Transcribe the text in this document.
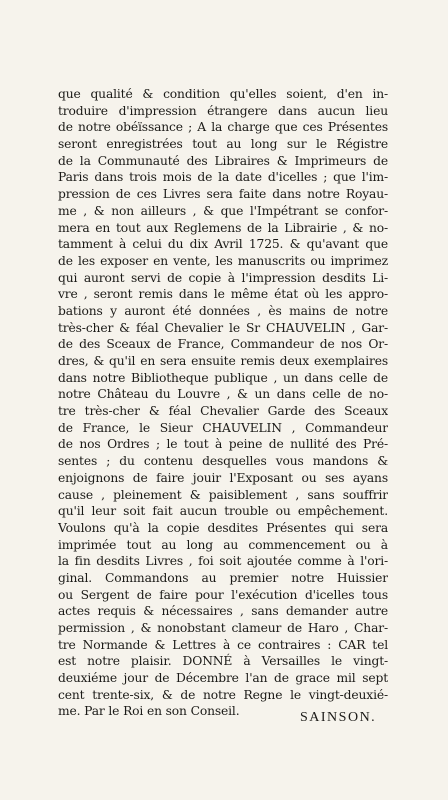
que qualité & condition qu'elles soient, d'en in-
troduire d'impression étrangere dans aucun lieu
de notre obéïssance ; A la charge que ces Présentes
seront enregistrées tout au long sur le Régistre
de la Communauté des Libraires & Imprimeurs de
Paris dans trois mois de la date d'icelles ; que l'im-
pression de ces Livres sera faite dans notre Royau-
me , & non ailleurs , & que l'Impétrant se confor-
mera en tout aux Reglemens de la Librairie , & no-
tamment à celui du dix Avril 1725. & qu'avant que
de les exposer en vente, les manuscrits ou imprimez
qui auront servi de copie à l'impression desdits Li-
vre , seront remis dans le même état où les appro-
bations y auront été données , ès mains de notre
très-cher & féal Chevalier le Sr CHAUVELIN , Gar-
de des Sceaux de France, Commandeur de nos Or-
dres, & qu'il en sera ensuite remis deux exemplaires
dans notre Bibliotheque publique , un dans celle de
notre Château du Louvre , & un dans celle de no-
tre très-cher & féal Chevalier Garde des Sceaux
de France, le Sieur CHAUVELIN , Commandeur
de nos Ordres ; le tout à peine de nullité des Pré-
sentes ; du contenu desquelles vous mandons &
enjoignons de faire jouir l'Exposant ou ses ayans
cause , pleinement & paisiblement , sans souffrir
qu'il leur soit fait aucun trouble ou empêchement.
Voulons qu'à la copie desdites Présentes qui sera
imprimée tout au long au commencement ou à
la fin desdits Livres , foi soit ajoutée comme à l'ori-
ginal. Commandons au premier notre Huissier
ou Sergent de faire pour l'exécution d'icelles tous
actes requis & nécessaires , sans demander autre
permission , & nonobstant clameur de Haro , Char-
tre Normande & Lettres à ce contraires : CAR tel
est notre plaisir. DONNÉ à Versailles le vingt-
deuxiéme jour de Décembre l'an de grace mil sept
cent trente-six, & de notre Regne le vingt-deuxié-
me. Par le Roi en son Conseil.	SAINSON.
